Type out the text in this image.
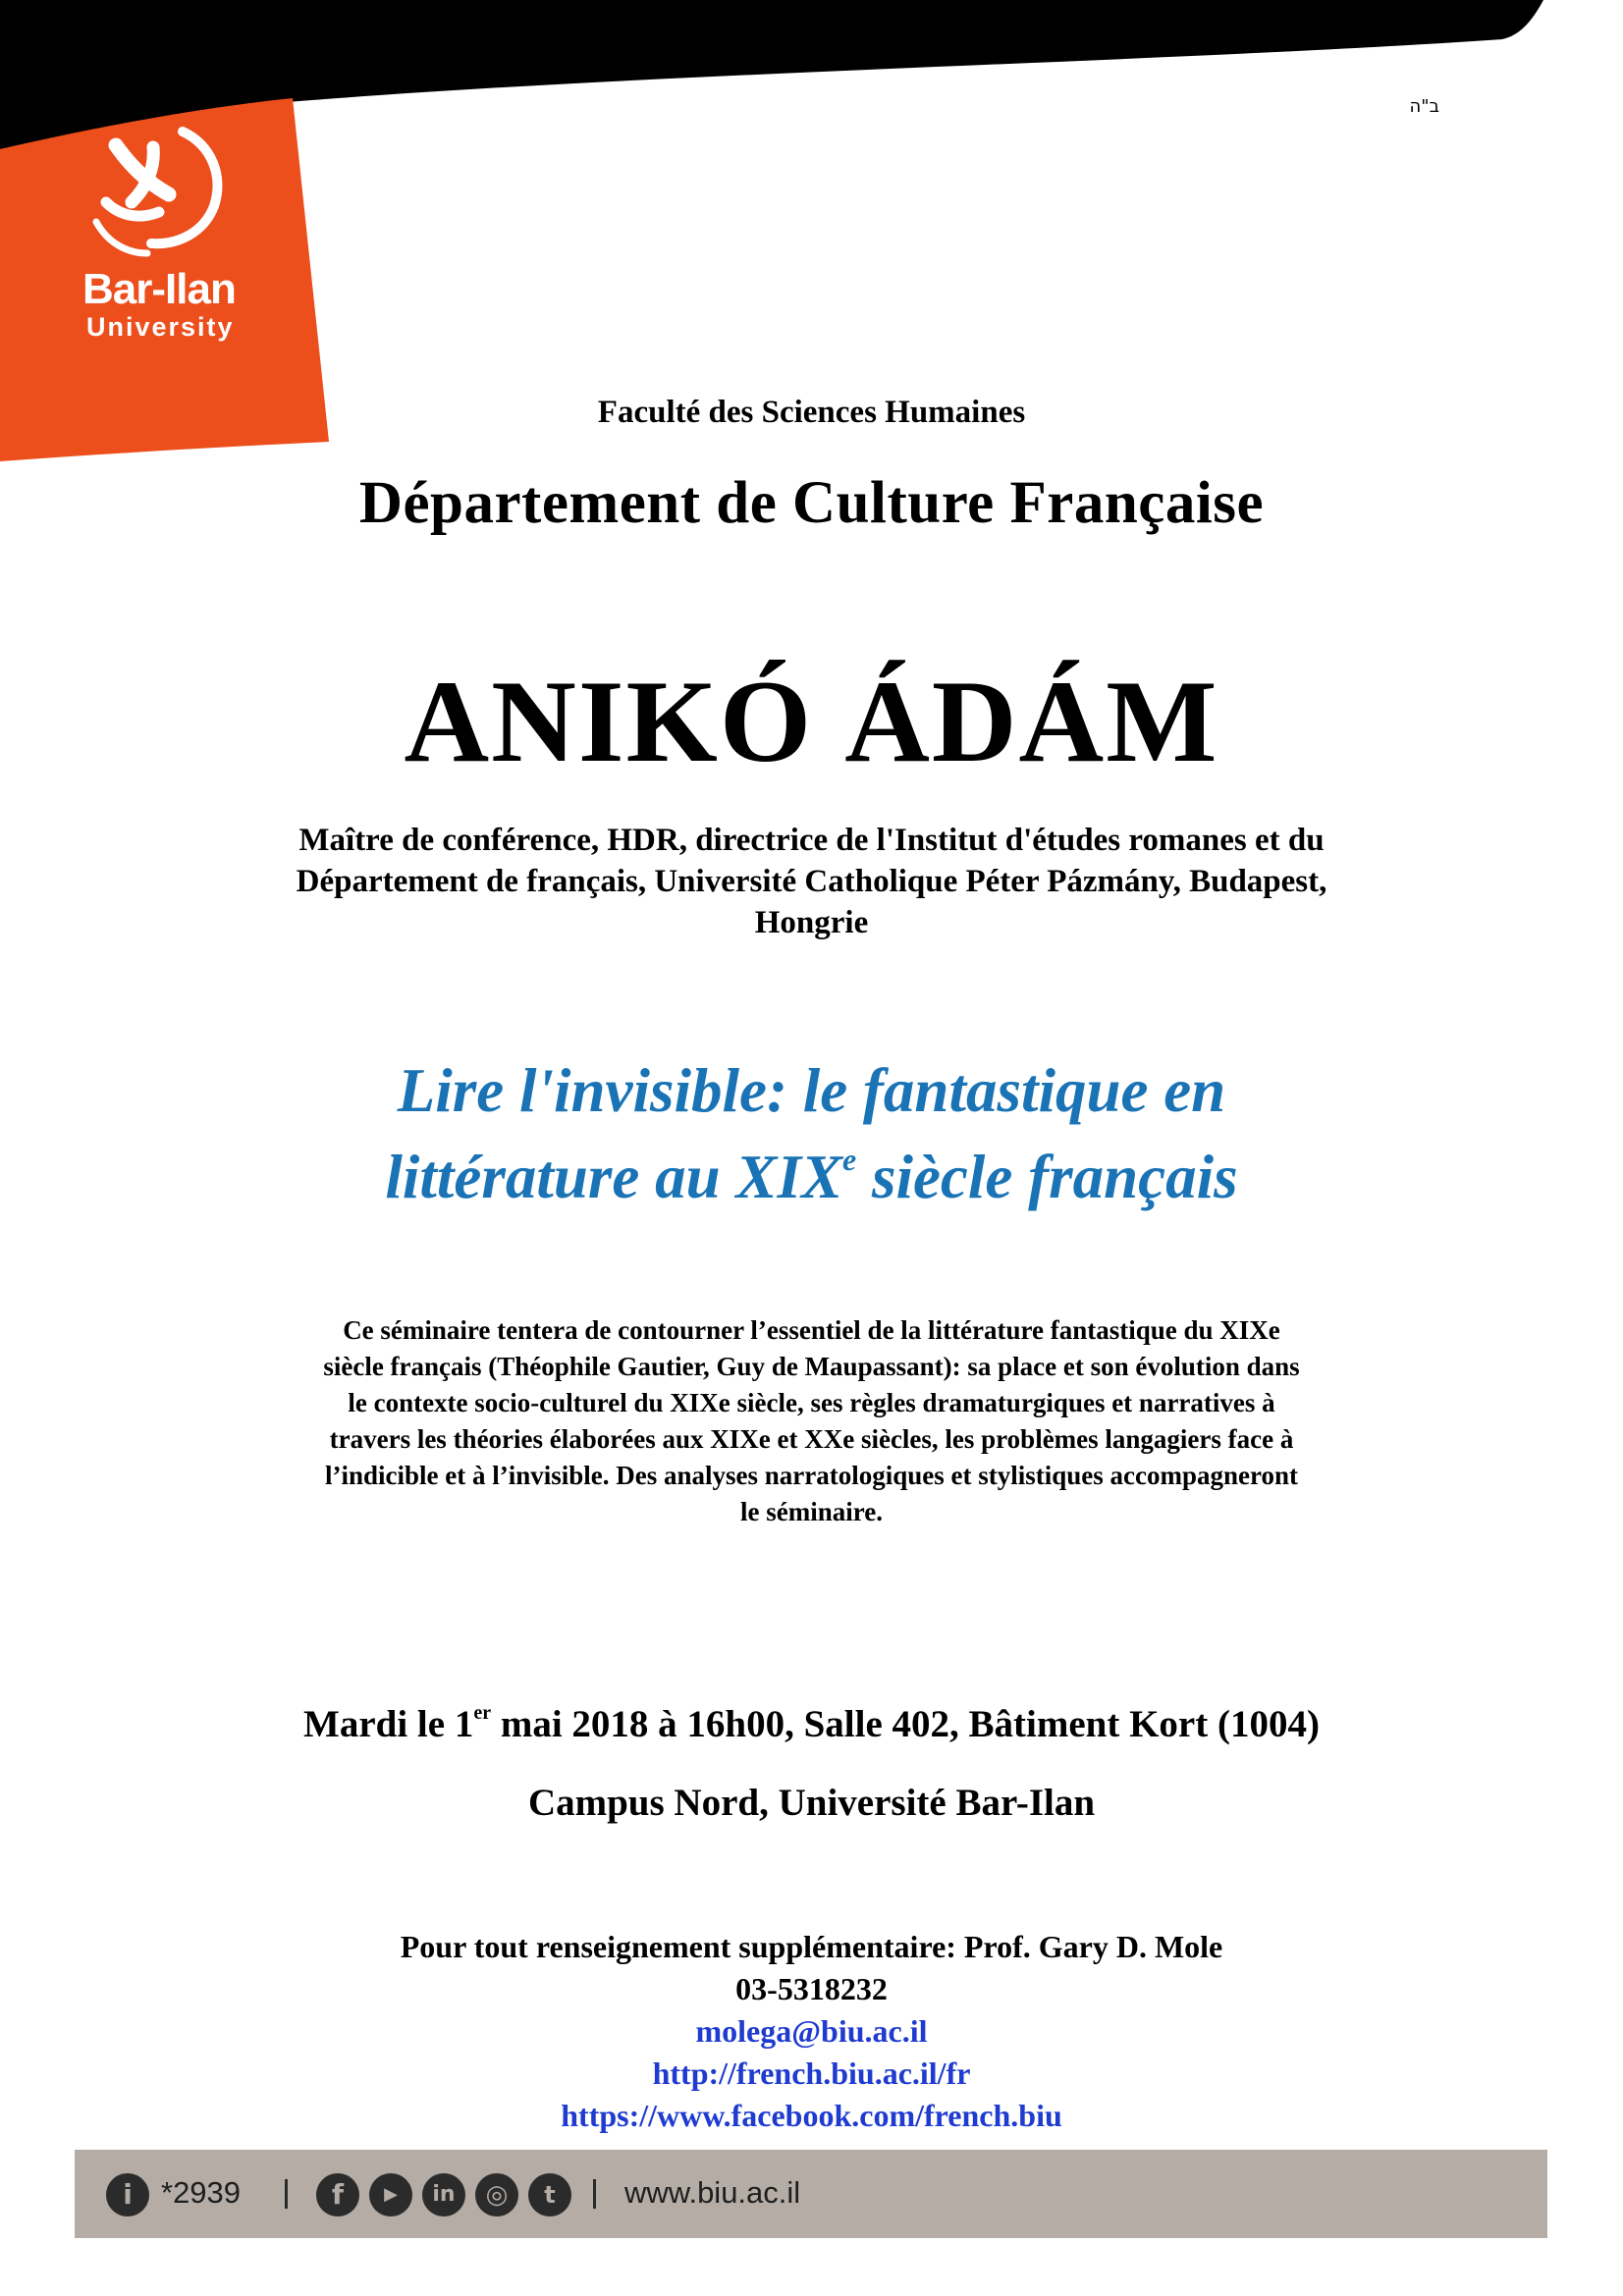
Bar-Ilan
University
ב"ה
Faculté des Sciences Humaines
Département de Culture Française
ANIKÓ ÁDÁM
Maître de conférence, HDR, directrice de l'Institut d'études romanes et du
Département de français, Université Catholique Péter Pázmány, Budapest,
Hongrie
Lire l'invisible: le fantastique en
littérature au XIXe siècle français
Ce séminaire tentera de contourner l’essentiel de la littérature fantastique du XIXe
siècle français (Théophile Gautier, Guy de Maupassant): sa place et son évolution dans
le contexte socio-culturel du XIXe siècle, ses règles dramaturgiques et narratives à
travers les théories élaborées aux XIXe et XXe siècles, les problèmes langagiers face à
l’indicible et à l’invisible. Des analyses narratologiques et stylistiques accompagneront
le séminaire.
Mardi le 1er mai 2018 à 16h00, Salle 402, Bâtiment Kort (1004)
Campus Nord, Université Bar-Ilan
Pour tout renseignement supplémentaire: Prof. Gary D. Mole
03-5318232
molega@biu.ac.il
http://french.biu.ac.il/fr
https://www.facebook.com/french.biu
i *2939	f	▶	in	◎	t	www.biu.ac.il
